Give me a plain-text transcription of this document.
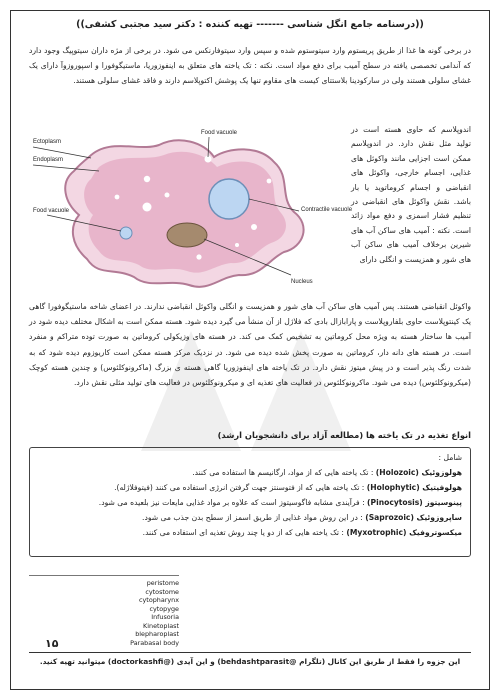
((درسنامه جامع انگل شناسی ------- تهیه کننده : دکتر سید مجتبی کشفی))
در برخی گونه ها غذا از طریق پریستوم وارد سیتوستوم شده و سپس وارد سیتوفارنکس می شود. در برخی از مژه داران سیتوپیگ وجود دارد که آندامی تخصصی یافته در سطح آمیب برای دفع مواد است. نکته : تک یاخته های متعلق به اینفوزوریا، ماستیگوفورا و اسپوروزوآ دارای یک غشای سلولی هستند ولی در سارکودینا بلاستتای کیست های مقاوم تنها یک پوشش اکتوپلاسم دارند و فاقد غشای سلولی هستند.
Ectoplasm
Endoplasm
Food vacuole
Food vacuole	Contractile vacuole
Nucleus
اندوپلاسم که حاوی هسته است در تولید مثل نقش دارد. در اندوپلاسم ممکن است اجزایی مانند واکوئل های غذایی، اجسام خارجی، واکوئل های انقباضی و اجسام کروماتوید یا بار باشد. نقش واکوئل های انقباضی در تنظیم فشار اسمزی و دفع مواد زائد است. نکته : آمیب های ساکن آب های شیرین برخلاف آمیب های ساکن آب های شور و همزیست و انگلی دارای
واکوئل انقباضی هستند. پس آمیب های ساکن آب های شور و همزیست و انگلی واکوئل انقباضی ندارند. در اعضای شاخه ماستیگوفورا گاهی یک کینتوپلاست حاوی بلفاروپلاست و پارابازال بادی که فلاژل از آن منشأ می گیرد دیده شود. هسته ممکن است به اشکال مختلف دیده شود در آمیب ها ساختار هسته به ویژه محل کروماتین به تشخیص کمک می کند. در هسته های وزیکولی کروماتین به صورت توده متراکم و منفرد است. در هسته های دانه دار، کروماتین به صورت پخش شده دیده می شود. در نزدیک مرکز هسته ممکن است کاریوزوم دیده شود که به شدت رنگ پذیر است و در پیش میتوز نقش دارد. در تک یاخته های اینفوزوریا گاهی هسته ی بزرگ (ماکرونوکلئوس) و چندین هسته کوچک (میکرونوکلئوس) دیده می شود. ماکرونوکلئوس در فعالیت های تغذیه ای و میکرونوکلئوس در فعالیت های تولید مثلی نقش دارد.
انواع تغذیه در تک یاخته ها (مطالعه آزاد برای دانشجویان ارشد)
شامل :
هولوزوئیک (Holozoic) : تک یاخته هایی که از مواد، ارگانیسم ها استفاده می کنند.
هولوفیتیک (Holophytic) : تک یاخته هایی که از فتوسنتز جهت گرفتن انرژی استفاده می کنند (فیتوفلاژله).
پینوسیتوز (Pinocytosis) : فرآیندی مشابه فاگوسیتوز است که علاوه بر مواد غذایی مایعات نیز بلعیده می شود.
ساپروزوئیک (Saprozoic) : در این روش مواد غذایی از طریق اسمز از سطح بدن جذب می شود.
میکسوتروفیک (Myxotrophic) : تک یاخته هایی که از دو یا چند روش تغذیه ای استفاده می کنند.
peristome
cytostome
cytopharynx
cytopyge
Infusoria
Kinetoplast
blepharoplast
Parabasal body
۱۵
این جزوه را فقط از طریق این کانال (تلگرام @behdashtparasit) و این آیدی (@doctorkashfi) میتوانید تهیه کنید.
